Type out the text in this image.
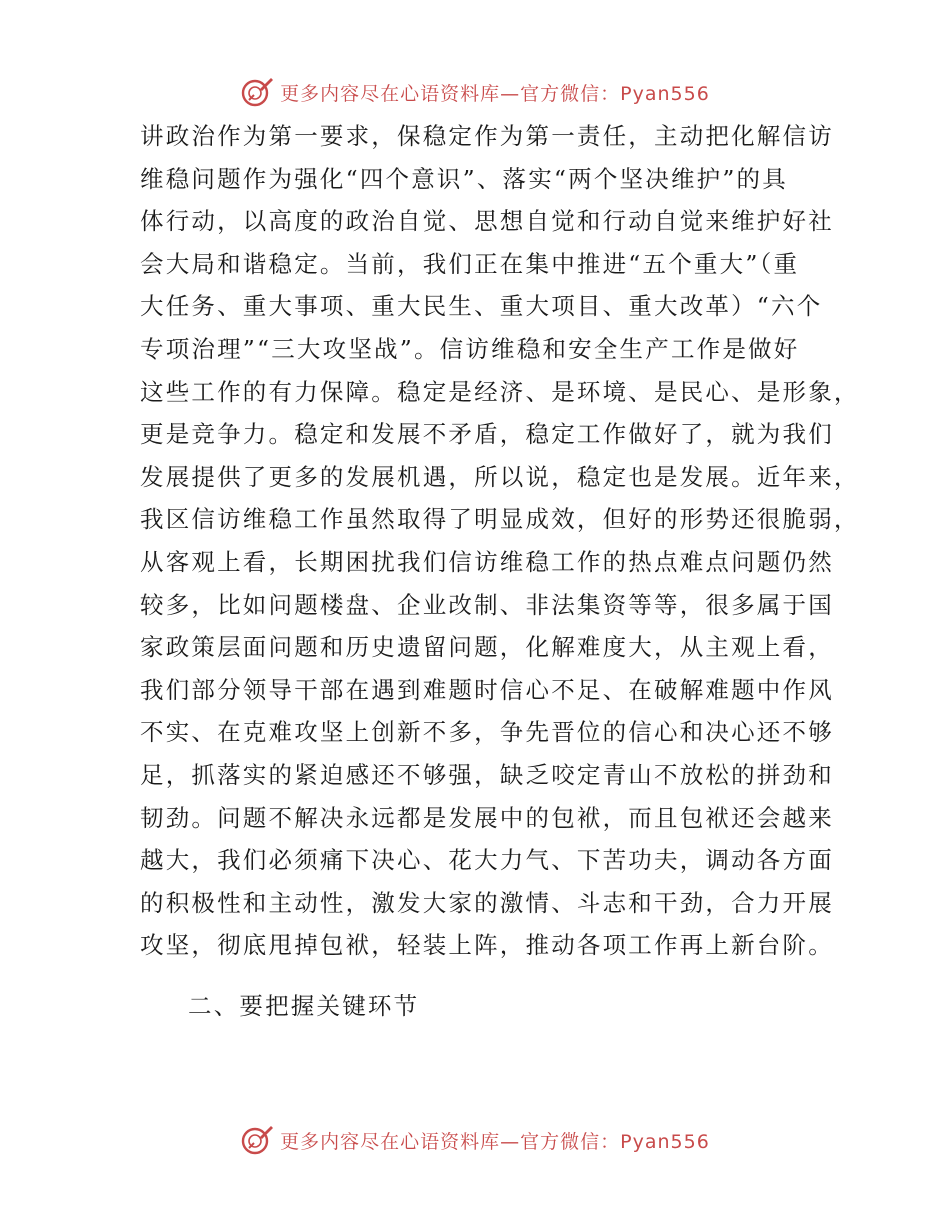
更多内容尽在心语资料库—官方微信：Pyan556

讲政治作为第一要求，保稳定作为第一责任，主动把化解信访
维稳问题作为强化“四个意识”、落实“两个坚决维护”的具
体行动，以高度的政治自觉、思想自觉和行动自觉来维护好社
会大局和谐稳定。当前，我们正在集中推进“五个重大”（重
大任务、重大事项、重大民生、重大项目、重大改革）“六个
专项治理”“三大攻坚战”。信访维稳和安全生产工作是做好
这些工作的有力保障。稳定是经济、是环境、是民心、是形象，
更是竞争力。稳定和发展不矛盾，稳定工作做好了，就为我们
发展提供了更多的发展机遇，所以说，稳定也是发展。近年来，
我区信访维稳工作虽然取得了明显成效，但好的形势还很脆弱，
从客观上看，长期困扰我们信访维稳工作的热点难点问题仍然
较多，比如问题楼盘、企业改制、非法集资等等，很多属于国
家政策层面问题和历史遗留问题，化解难度大，从主观上看，
我们部分领导干部在遇到难题时信心不足、在破解难题中作风
不实、在克难攻坚上创新不多，争先晋位的信心和决心还不够
足，抓落实的紧迫感还不够强，缺乏咬定青山不放松的拼劲和
韧劲。问题不解决永远都是发展中的包袱，而且包袱还会越来
越大，我们必须痛下决心、花大力气、下苦功夫，调动各方面
的积极性和主动性，激发大家的激情、斗志和干劲，合力开展
攻坚，彻底甩掉包袱，轻装上阵，推动各项工作再上新台阶。

二、要把握关键环节

更多内容尽在心语资料库—官方微信：Pyan556
